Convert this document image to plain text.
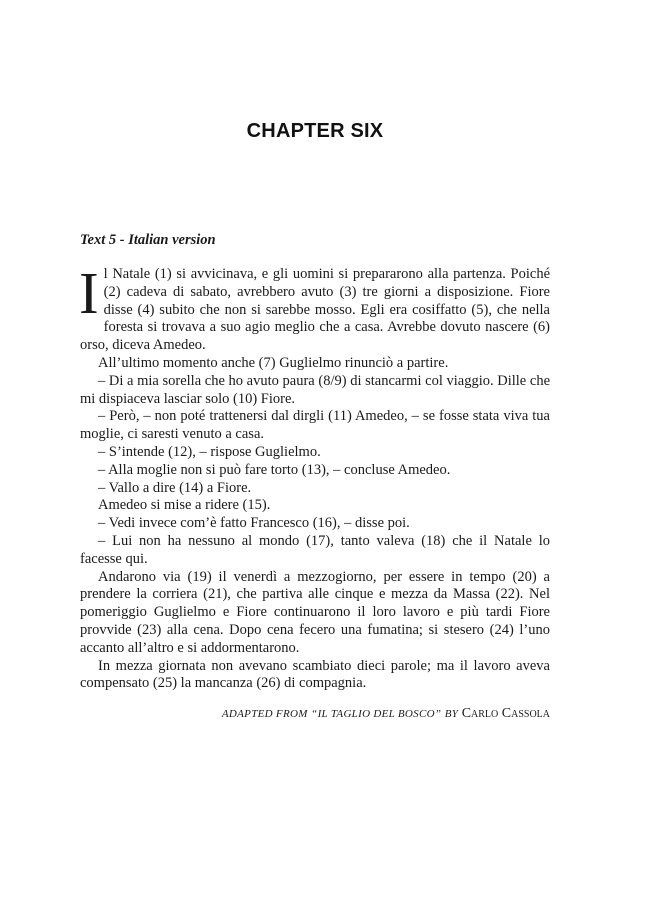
CHAPTER SIX
Text 5 - Italian version

Il Natale (1) si avvicinava, e gli uomini si prepararono alla partenza. Poiché (2) cadeva di sabato, avrebbero avuto (3) tre giorni a disposizione. Fiore disse (4) subito che non si sarebbe mosso. Egli era cosiffatto (5), che nella foresta si trovava a suo agio meglio che a casa. Avrebbe dovuto nascere (6) orso, diceva Amedeo.

All’ultimo momento anche (7) Guglielmo rinunciò a partire.

– Di a mia sorella che ho avuto paura (8/9) di stancarmi col viaggio. Dille che mi dispiaceva lasciar solo (10) Fiore.

– Però, – non poté trattenersi dal dirgli (11) Amedeo, – se fosse stata viva tua moglie, ci saresti venuto a casa.

– S’intende (12), – rispose Guglielmo.

– Alla moglie non si può fare torto (13), – concluse Amedeo.

– Vallo a dire (14) a Fiore.

Amedeo si mise a ridere (15).

– Vedi invece com’è fatto Francesco (16), – disse poi.

– Lui non ha nessuno al mondo (17), tanto valeva (18) che il Natale lo facesse qui.

Andarono via (19) il venerdì a mezzogiorno, per essere in tempo (20) a prendere la corriera (21), che partiva alle cinque e mezza da Massa (22). Nel pomeriggio Guglielmo e Fiore continuarono il loro lavoro e più tardi Fiore provvide (23) alla cena. Dopo cena fecero una fumatina; si stesero (24) l’uno accanto all’altro e si addormentarono.

In mezza giornata non avevano scambiato dieci parole; ma il lavoro aveva compensato (25) la mancanza (26) di compagnia.

ADAPTED FROM “IL TAGLIO DEL BOSCO” BY Carlo Cassola
